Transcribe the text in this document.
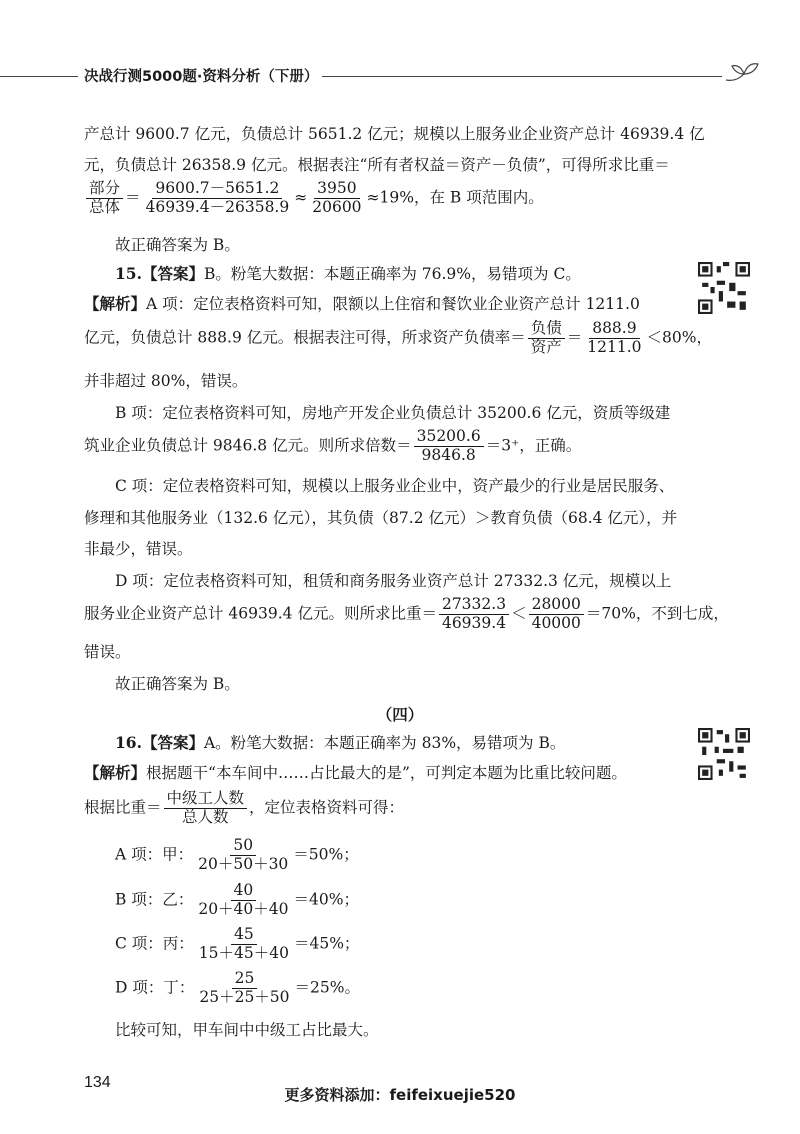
决战行测5000题·资料分析（下册）
产总计 9600.7 亿元，负债总计 5651.2 亿元；规模以上服务业企业资产总计 46939.4 亿
元，负债总计 26358.9 亿元。根据表注“所有者权益＝资产－负债”，可得所求比重＝
$\frac{\text{部分}}{\text{总体}} = \frac{9600.7-5651.2}{46939.4-26358.9} \approx \frac{3950}{20600} \approx 19\%$，在 B 项范围内。
故正确答案为 B。
15.【答案】B。粉笔大数据：本题正确率为 76.9%，易错项为 C。
【解析】A 项：定位表格资料可知，限额以上住宿和餐饮业企业资产总计 1211.0
亿元，负债总计 888.9 亿元。根据表注可得，所求资产负债率＝ $\frac{\text{负债}}{\text{资产}} = \frac{888.9}{1211.0} <80\%$，
并非超过 80%，错误。
B 项：定位表格资料可知，房地产开发企业负债总计 35200.6 亿元，资质等级建
筑业企业负债总计 9846.8 亿元。则所求倍数＝ $\frac{35200.6}{9846.8} =3^+$，正确。
C 项：定位表格资料可知，规模以上服务业企业中，资产最少的行业是居民服务、
修理和其他服务业（132.6 亿元），其负债（87.2 亿元）＞教育负债（68.4 亿元），并
非最少，错误。
D 项：定位表格资料可知，租赁和商务服务业资产总计 27332.3 亿元，规模以上
服务业企业资产总计 46939.4 亿元。则所求比重＝ $\frac{27332.3}{46939.4} < \frac{28000}{40000} =70\%$，不到七成，
错误。
故正确答案为 B。
（四）
16.【答案】A。粉笔大数据：本题正确率为 83%，易错项为 B。
【解析】根据题干“本车间中……占比最大的是”，可判定本题为比重比较问题。
根据比重＝ $\frac{\text{中级工人数}}{\text{总人数}}$ ，定位表格资料可得：
A 项：甲： $\frac{50}{20+50+30} =50\%$；
B 项：乙： $\frac{40}{20+40+40} =40\%$；
C 项：丙： $\frac{45}{15+45+40} =45\%$；
D 项：丁： $\frac{25}{25+25+50} =25\%$。
比较可知，甲车间中中级工占比最大。
134
更多资料添加：feifeixuejie520
